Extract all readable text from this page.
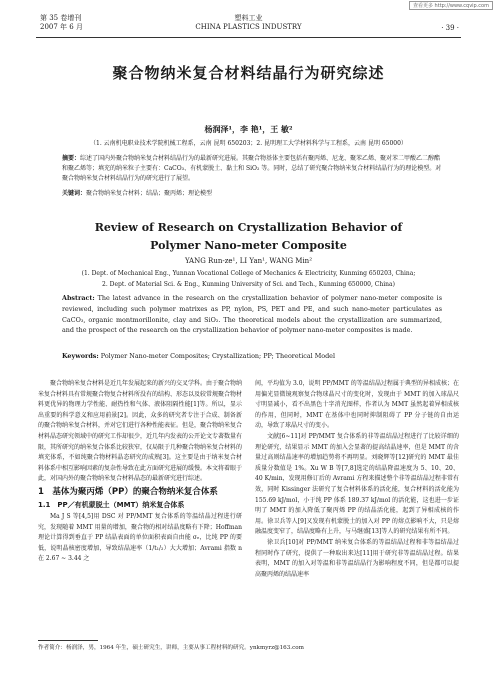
查看更多 http://www.cqvip.com
第 35 卷增刊
2007 年 6 月
塑料工业
CHINA PLASTICS INDUSTRY	· 39 ·
聚合物纳米复合材料结晶行为研究综述
杨润泽¹，李 艳¹，王 敏²
（1. 云南机电职业技术学院机械工程系，云南 昆明 650203；2. 昆明理工大学材料科学与工程系，云南 昆明 65000）
摘要：综述了国内外聚合物纳米复合材料结晶行为的最新研究进展。其聚合物基体主要包括有聚丙烯、尼龙、聚苯乙烯、聚对苯二甲酸乙二醇酯和聚乙烯等；填充的纳米粒子主要有：CaCO₃、有机蒙脱土、黏土和 SiO₂ 等。同时，总结了研究聚合物纳米复合材料结晶行为的理论模型。对聚合物纳米复合材料结晶行为的研究进行了展望。
关键词：聚合物纳米复合材料；结晶；聚丙烯；理论模型
Review of Research on Crystallization Behavior of
Polymer Nano-meter Composite
YANG Run-ze¹, LI Yan¹, WANG Min²
(1. Dept. of Mechanical Eng., Yunnan Vocational College of Mechanics & Electricity, Kunming 650203, China;
2. Dept. of Material Sci. & Eng., Kunming University of Sci. and Tech., Kunming 650000, China)
Abstract: The latest advance in the research on the crystallization behavior of polymer nano-meter composite is reviewed, including such polymer matrixes as PP, nylon, PS, PET and PE, and such nano-meter particulates as CaCO₃, organic montmorillonite, clay and SiO₂. The theoretical models about the crystallization are summarized, and the prospect of the research on the crystallization behavior of polymer nano-meter composites is made.
Keywords: Polymer Nano-meter Composites; Crystallization; PP; Theoretical Model

聚合物纳米复合材料是近几年发展起来的新兴的交叉学科。由于聚合物纳米复合材料具有常规聚合物复合材料所没有的结构、形态以及较常规聚合物材料更优异的物理力学性能、耐热性和气体、液体阻隔性能[1]等。所以，显示出重要的科学意义和应用前景[2]。因此，众多的研究者专注于合成、制备新的聚合物纳米复合材料，并对它们进行各种性能表征。但是，聚合物纳米复合材料晶态研究领域中的研究工作却很少，近几年内发表的公开论文专著数量有限，其所研究的纳米复合体系比较狭窄，仅局限于几种聚合物纳米复合材料的填充体系，不如纯聚合物材料晶态研究的成熟[3]。这主要是由于纳米复合材料体系中相互影响因素的复杂性导致在此方面研究进展的缓慢。本文将着眼于此，对国内外的聚合物纳米复合材料晶态的最新研究进行综述。

1　基体为聚丙烯（PP）的聚合物纳米复合体系
1.1　PP／有机蒙脱土（MMT）纳米复合体系

Ma J S 等[4,5]用 DSC 对 PP/MMT 复合体系的等温结晶过程进行研究，发现随着 MMT 用量的增加，聚合物的相对结晶度略有下降；Hoffman 理论计算得到垂直于 PP 结晶表面的单位面积表面自由能 σₑ，比纯 PP 的要低，说明晶核密度增加，导致结晶速率（1/t₁/₂）大大增加；Avrami 指数 n 在 2.67 ~ 3.44 之

间，平均值为 3.0，说明 PP/MMT 的等温结晶过程属于典型的异相成核；在用偏光显微镜观察复合物球晶尺寸的变化时，发现由于 MMT 的加入球晶尺寸明显减小，看不出黑色十字消光图样，作者认为 MMT 虽然起着异相成核的作用，但同时，MMT 在基体中也同时抑制阻碍了 PP 分子链的自由运动，导致了球晶尺寸的变小。

文献[6~11]对 PP/MMT 复合体系的非等温结晶过程进行了比较详细的理论研究，结果显示 MMT 的加入会显著的提高结晶速率，但是 MMT 的含量过高则结晶速率的增加趋势将不再明显。刘晓辉等[12]研究的 MMT 最佳质量分数值是 1%。Xu W B 等[7,8]选定的结晶降温速度为 5、10、20、40 K/min，发现用修订后的 Avrami 方程来描述整个非等温结晶过程非常有效，同时 Kissinger 法研究了复合材料体系的活化能，复合材料的活化能为 155.69 kJ/mol，小于纯 PP 体系 189.37 kJ/mol 的活化能，这也进一步证明了 MMT 的加入降低了聚丙烯 PP 的结晶活化能，起到了异相成核的作用。徐卫兵等人[9]又发现有机蒙脱土的加入对 PP 的熔点影响不大，只是熔融温度变窄了，结晶度略有上升，与马继盛[13]等人的研究结果有所不同。

徐卫兵[10]对 PP/MMT 纳米复合体系的等温结晶过程和非等温结晶过程同时作了研究，提供了一种取出来达[11]用于研究非等温结晶过程。结果表明，MMT 的加入对等温和非等温结晶行为影响程度不同，但是都可以提高聚丙烯的结晶速率

作者简介：杨润泽，男，1964 年生，硕士研究生，讲师，主要从事工程材料的研究。ynkmyrz@163.com
